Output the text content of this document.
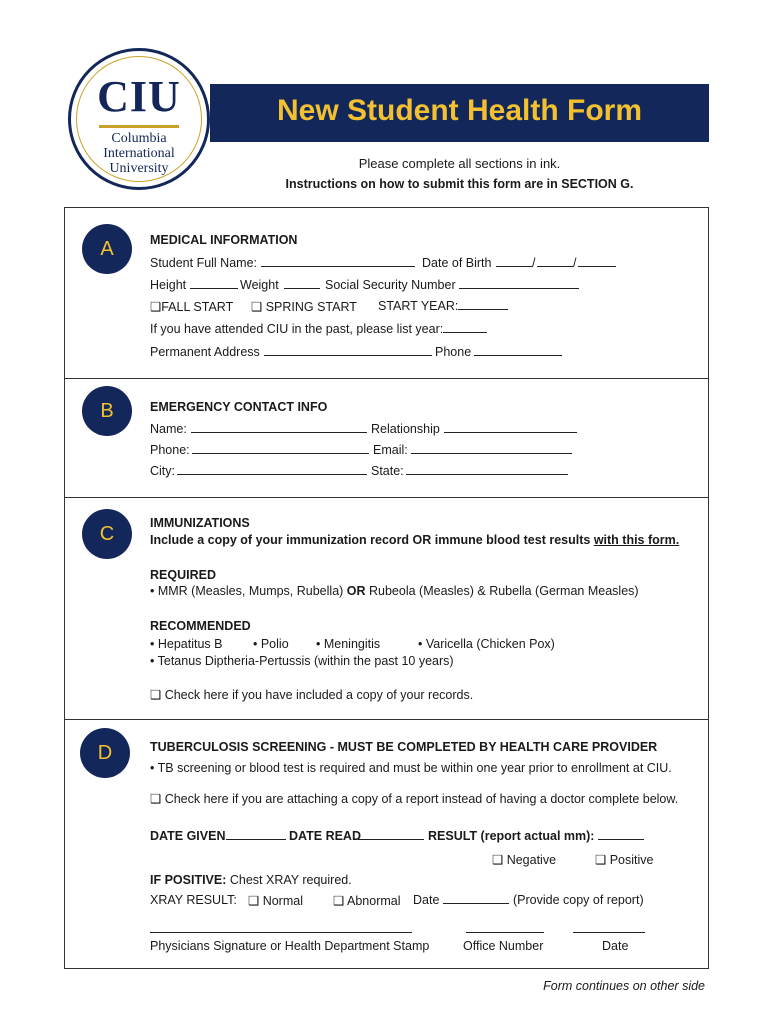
CIU
Columbia
International
University
New Student Health Form
Please complete all sections in ink.
Instructions on how to submit this form are in SECTION G.
A	MEDICAL INFORMATION
Student Full Name:	Date of Birth	/	/
Height	Weight	Social Security Number
❑FALL START ❑ SPRING START START YEAR:
If you have attended CIU in the past, please list year:
Permanent Address	Phone
B	EMERGENCY CONTACT INFO
Name:	Relationship
Phone:	Email:
City:	State:
C	IMMUNIZATIONS
Include a copy of your immunization record OR immune blood test results with this form.
REQUIRED
• MMR (Measles, Mumps, Rubella) OR Rubeola (Measles) & Rubella (German Measles)
RECOMMENDED
• Hepatitus B • Polio • Meningitis	• Varicella (Chicken Pox)
• Tetanus Diptheria-Pertussis (within the past 10 years)
❑ Check here if you have included a copy of your records.
D	TUBERCULOSIS SCREENING - MUST BE COMPLETED BY HEALTH CARE PROVIDER
• TB screening or blood test is required and must be within one year prior to enrollment at CIU.
❑ Check here if you are attaching a copy of a report instead of having a doctor complete below.
DATE GIVEN	DATE READ	RESULT (report actual mm):
❑ Negative	❑ Positive
IF POSITIVE: Chest XRAY required.
XRAY RESULT: ❑ Normal ❑ Abnormal Date	(Provide copy of report)
Physicians Signature or Health Department Stamp	Office Number	Date
Form continues on other side
